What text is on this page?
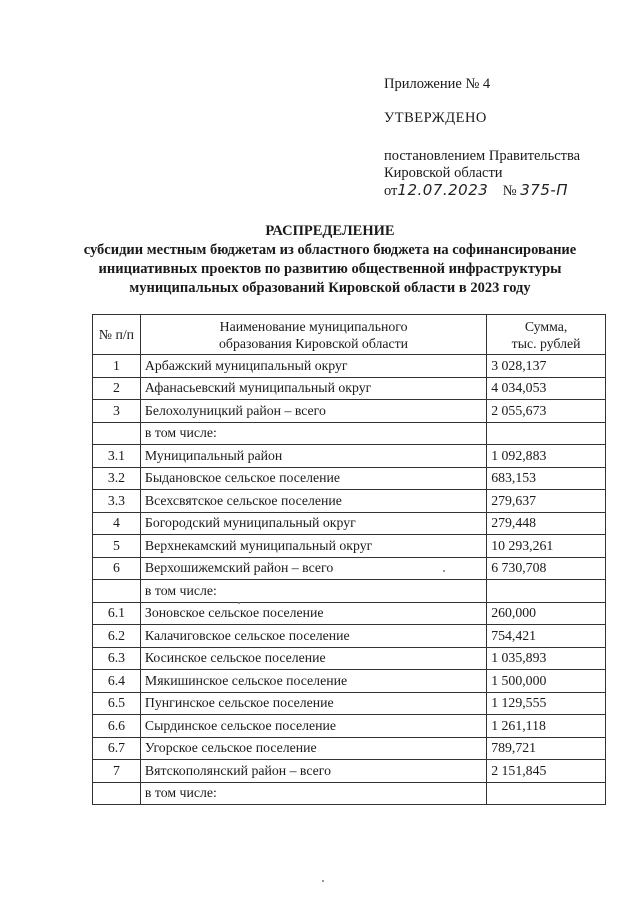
Приложение № 4
УТВЕРЖДЕНО
постановлением Правительства
Кировской области
от12.07.2023 № 375-П
РАСПРЕДЕЛЕНИЕ
субсидии местным бюджетам из областного бюджета на софинансирование
инициативных проектов по развитию общественной инфраструктуры
муниципальных образований Кировской области в 2023 году
№ п/п	Наименование муниципального
образования Кировской области	Сумма,
тыс. рублей
1	Арбажский муниципальный округ	3 028,137
2	Афанасьевский муниципальный округ	4 034,053
3	Белохолуницкий район – всего	2 055,673
	в том числе:	
3.1	Муниципальный район	1 092,883
3.2	Быдановское сельское поселение	683,153
3.3	Всехсвятское сельское поселение	279,637
4	Богородский муниципальный округ	279,448
5	Верхнекамский муниципальный округ	10 293,261
6	Верхошижемский район – всего	6 730,708
	в том числе:	
6.1	Зоновское сельское поселение	260,000
6.2	Калачиговское сельское поселение	754,421
6.3	Косинское сельское поселение	1 035,893
6.4	Мякишинское сельское поселение	1 500,000
6.5	Пунгинское сельское поселение	1 129,555
6.6	Сырдинское сельское поселение	1 261,118
6.7	Угорское сельское поселение	789,721
7	Вятскополянский район – всего	2 151,845
	в том числе:	
